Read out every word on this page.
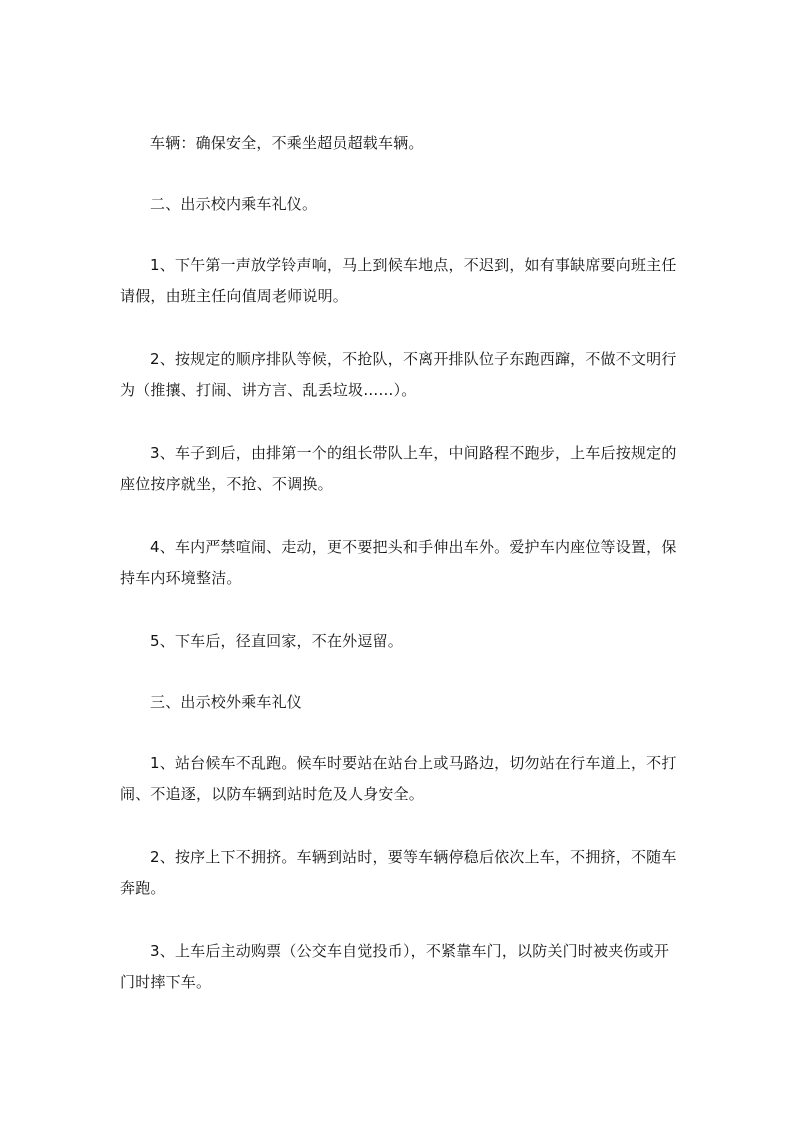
车辆：确保安全，不乘坐超员超载车辆。

二、出示校内乘车礼仪。

1、下午第一声放学铃声响，马上到候车地点，不迟到，如有事缺席要向班主任请假，由班主任向值周老师说明。

2、按规定的顺序排队等候，不抢队，不离开排队位子东跑西蹿，不做不文明行为（推攘、打闹、讲方言、乱丢垃圾……）。

3、车子到后，由排第一个的组长带队上车，中间路程不跑步，上车后按规定的座位按序就坐，不抢、不调换。

4、车内严禁喧闹、走动，更不要把头和手伸出车外。爱护车内座位等设置，保持车内环境整洁。

5、下车后，径直回家，不在外逗留。

三、出示校外乘车礼仪

1、站台候车不乱跑。候车时要站在站台上或马路边，切勿站在行车道上，不打闹、不追逐，以防车辆到站时危及人身安全。

2、按序上下不拥挤。车辆到站时，要等车辆停稳后依次上车，不拥挤，不随车奔跑。

3、上车后主动购票（公交车自觉投币），不紧靠车门，以防关门时被夹伤或开门时摔下车。
